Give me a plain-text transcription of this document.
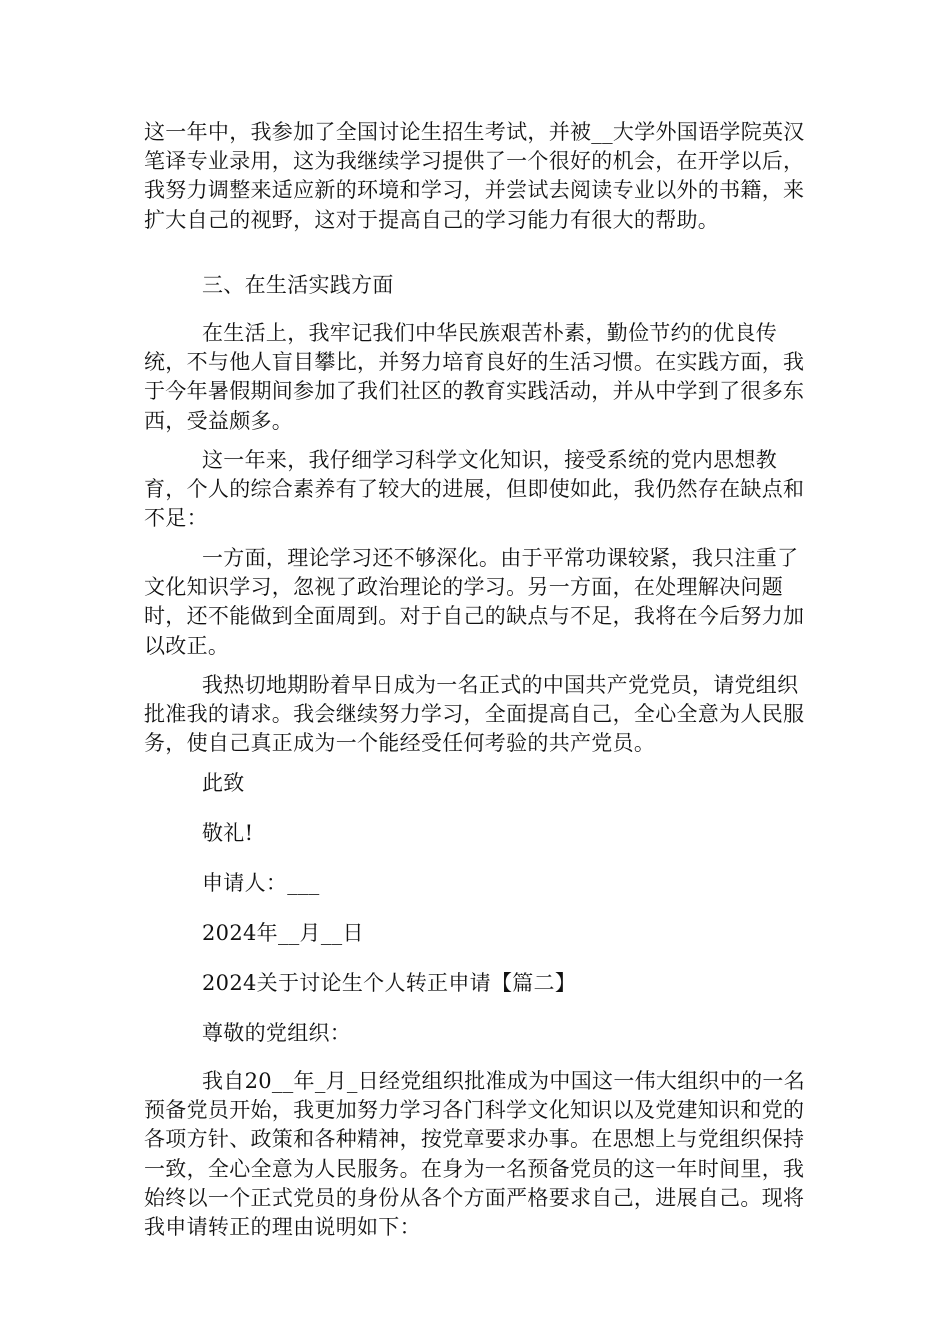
这一年中，我参加了全国讨论生招生考试，并被__大学外国语学院英汉笔译专业录用，这为我继续学习提供了一个很好的机会，在开学以后，我努力调整来适应新的环境和学习，并尝试去阅读专业以外的书籍，来扩大自己的视野，这对于提高自己的学习能力有很大的帮助。

三、在生活实践方面

在生活上，我牢记我们中华民族艰苦朴素，勤俭节约的优良传统，不与他人盲目攀比，并努力培育良好的生活习惯。在实践方面，我于今年暑假期间参加了我们社区的教育实践活动，并从中学到了很多东西，受益颇多。

这一年来，我仔细学习科学文化知识，接受系统的党内思想教育，个人的综合素养有了较大的进展，但即使如此，我仍然存在缺点和不足：

一方面，理论学习还不够深化。由于平常功课较紧，我只注重了文化知识学习，忽视了政治理论的学习。另一方面，在处理解决问题时，还不能做到全面周到。对于自己的缺点与不足，我将在今后努力加以改正。

我热切地期盼着早日成为一名正式的中国共产党党员，请党组织批准我的请求。我会继续努力学习，全面提高自己，全心全意为人民服务，使自己真正成为一个能经受任何考验的共产党员。

此致

敬礼!

申请人：___

2024年__月__日

2024关于讨论生个人转正申请【篇二】

尊敬的党组织：

我自20__年_月_日经党组织批准成为中国这一伟大组织中的一名预备党员开始，我更加努力学习各门科学文化知识以及党建知识和党的各项方针、政策和各种精神，按党章要求办事。在思想上与党组织保持一致，全心全意为人民服务。在身为一名预备党员的这一年时间里，我始终以一个正式党员的身份从各个方面严格要求自己，进展自己。现将我申请转正的理由说明如下：
